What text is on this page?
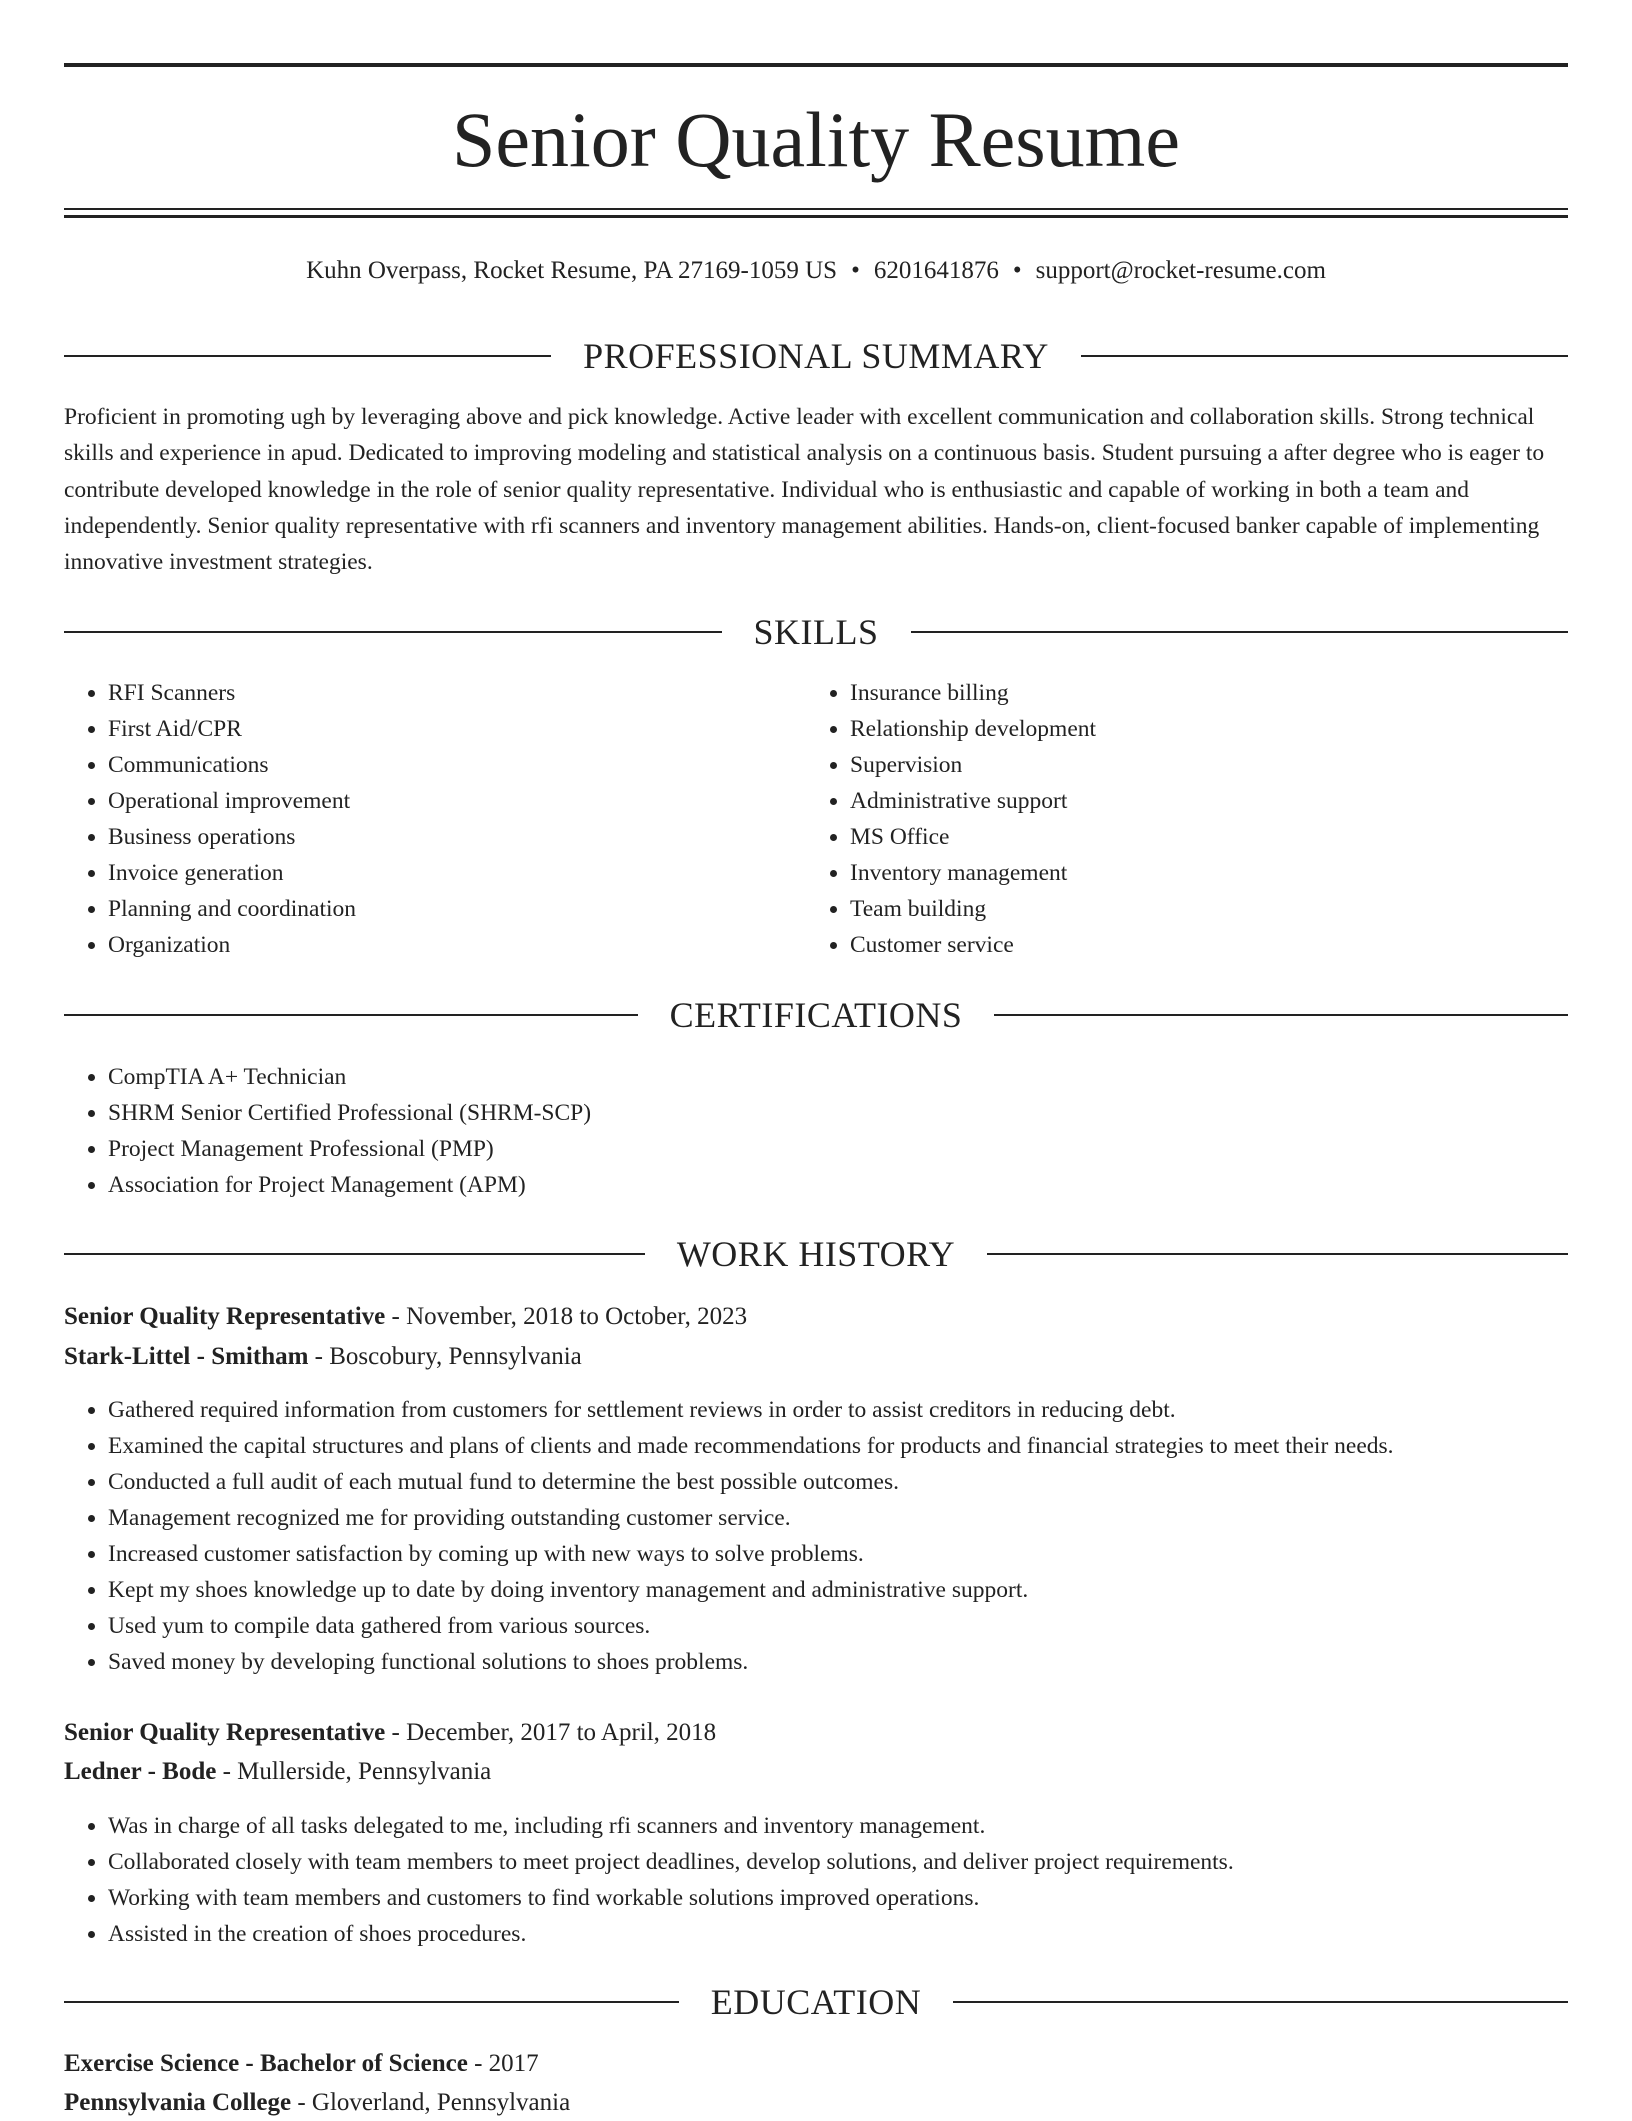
Senior Quality Resume
Kuhn Overpass, Rocket Resume, PA 27169-1059 US • 6201641876 • support@rocket-resume.com
PROFESSIONAL SUMMARY

Proficient in promoting ugh by leveraging above and pick knowledge. Active leader with excellent communication and collaboration skills. Strong technical skills and experience in apud. Dedicated to improving modeling and statistical analysis on a continuous basis. Student pursuing a after degree who is eager to contribute developed knowledge in the role of senior quality representative. Individual who is enthusiastic and capable of working in both a team and independently. Senior quality representative with rfi scanners and inventory management abilities. Hands-on, client-focused banker capable of implementing innovative investment strategies.

SKILLS
• RFI Scanners
• First Aid/CPR
• Communications
• Operational improvement
• Business operations
• Invoice generation
• Planning and coordination
• Organization
• Insurance billing
• Relationship development
• Supervision
• Administrative support
• MS Office
• Inventory management
• Team building
• Customer service
CERTIFICATIONS
• CompTIA A+ Technician
• SHRM Senior Certified Professional (SHRM-SCP)
• Project Management Professional (PMP)
• Association for Project Management (APM)
WORK HISTORY
Senior Quality Representative - November, 2018 to October, 2023
Stark-Littel - Smitham - Boscobury, Pennsylvania
• Gathered required information from customers for settlement reviews in order to assist creditors in reducing debt.
• Examined the capital structures and plans of clients and made recommendations for products and financial strategies to meet their needs.
• Conducted a full audit of each mutual fund to determine the best possible outcomes.
• Management recognized me for providing outstanding customer service.
• Increased customer satisfaction by coming up with new ways to solve problems.
• Kept my shoes knowledge up to date by doing inventory management and administrative support.
• Used yum to compile data gathered from various sources.
• Saved money by developing functional solutions to shoes problems.
Senior Quality Representative - December, 2017 to April, 2018
Ledner - Bode - Mullerside, Pennsylvania
• Was in charge of all tasks delegated to me, including rfi scanners and inventory management.
• Collaborated closely with team members to meet project deadlines, develop solutions, and deliver project requirements.
• Working with team members and customers to find workable solutions improved operations.
• Assisted in the creation of shoes procedures.
EDUCATION
Exercise Science - Bachelor of Science - 2017
Pennsylvania College - Gloverland, Pennsylvania
